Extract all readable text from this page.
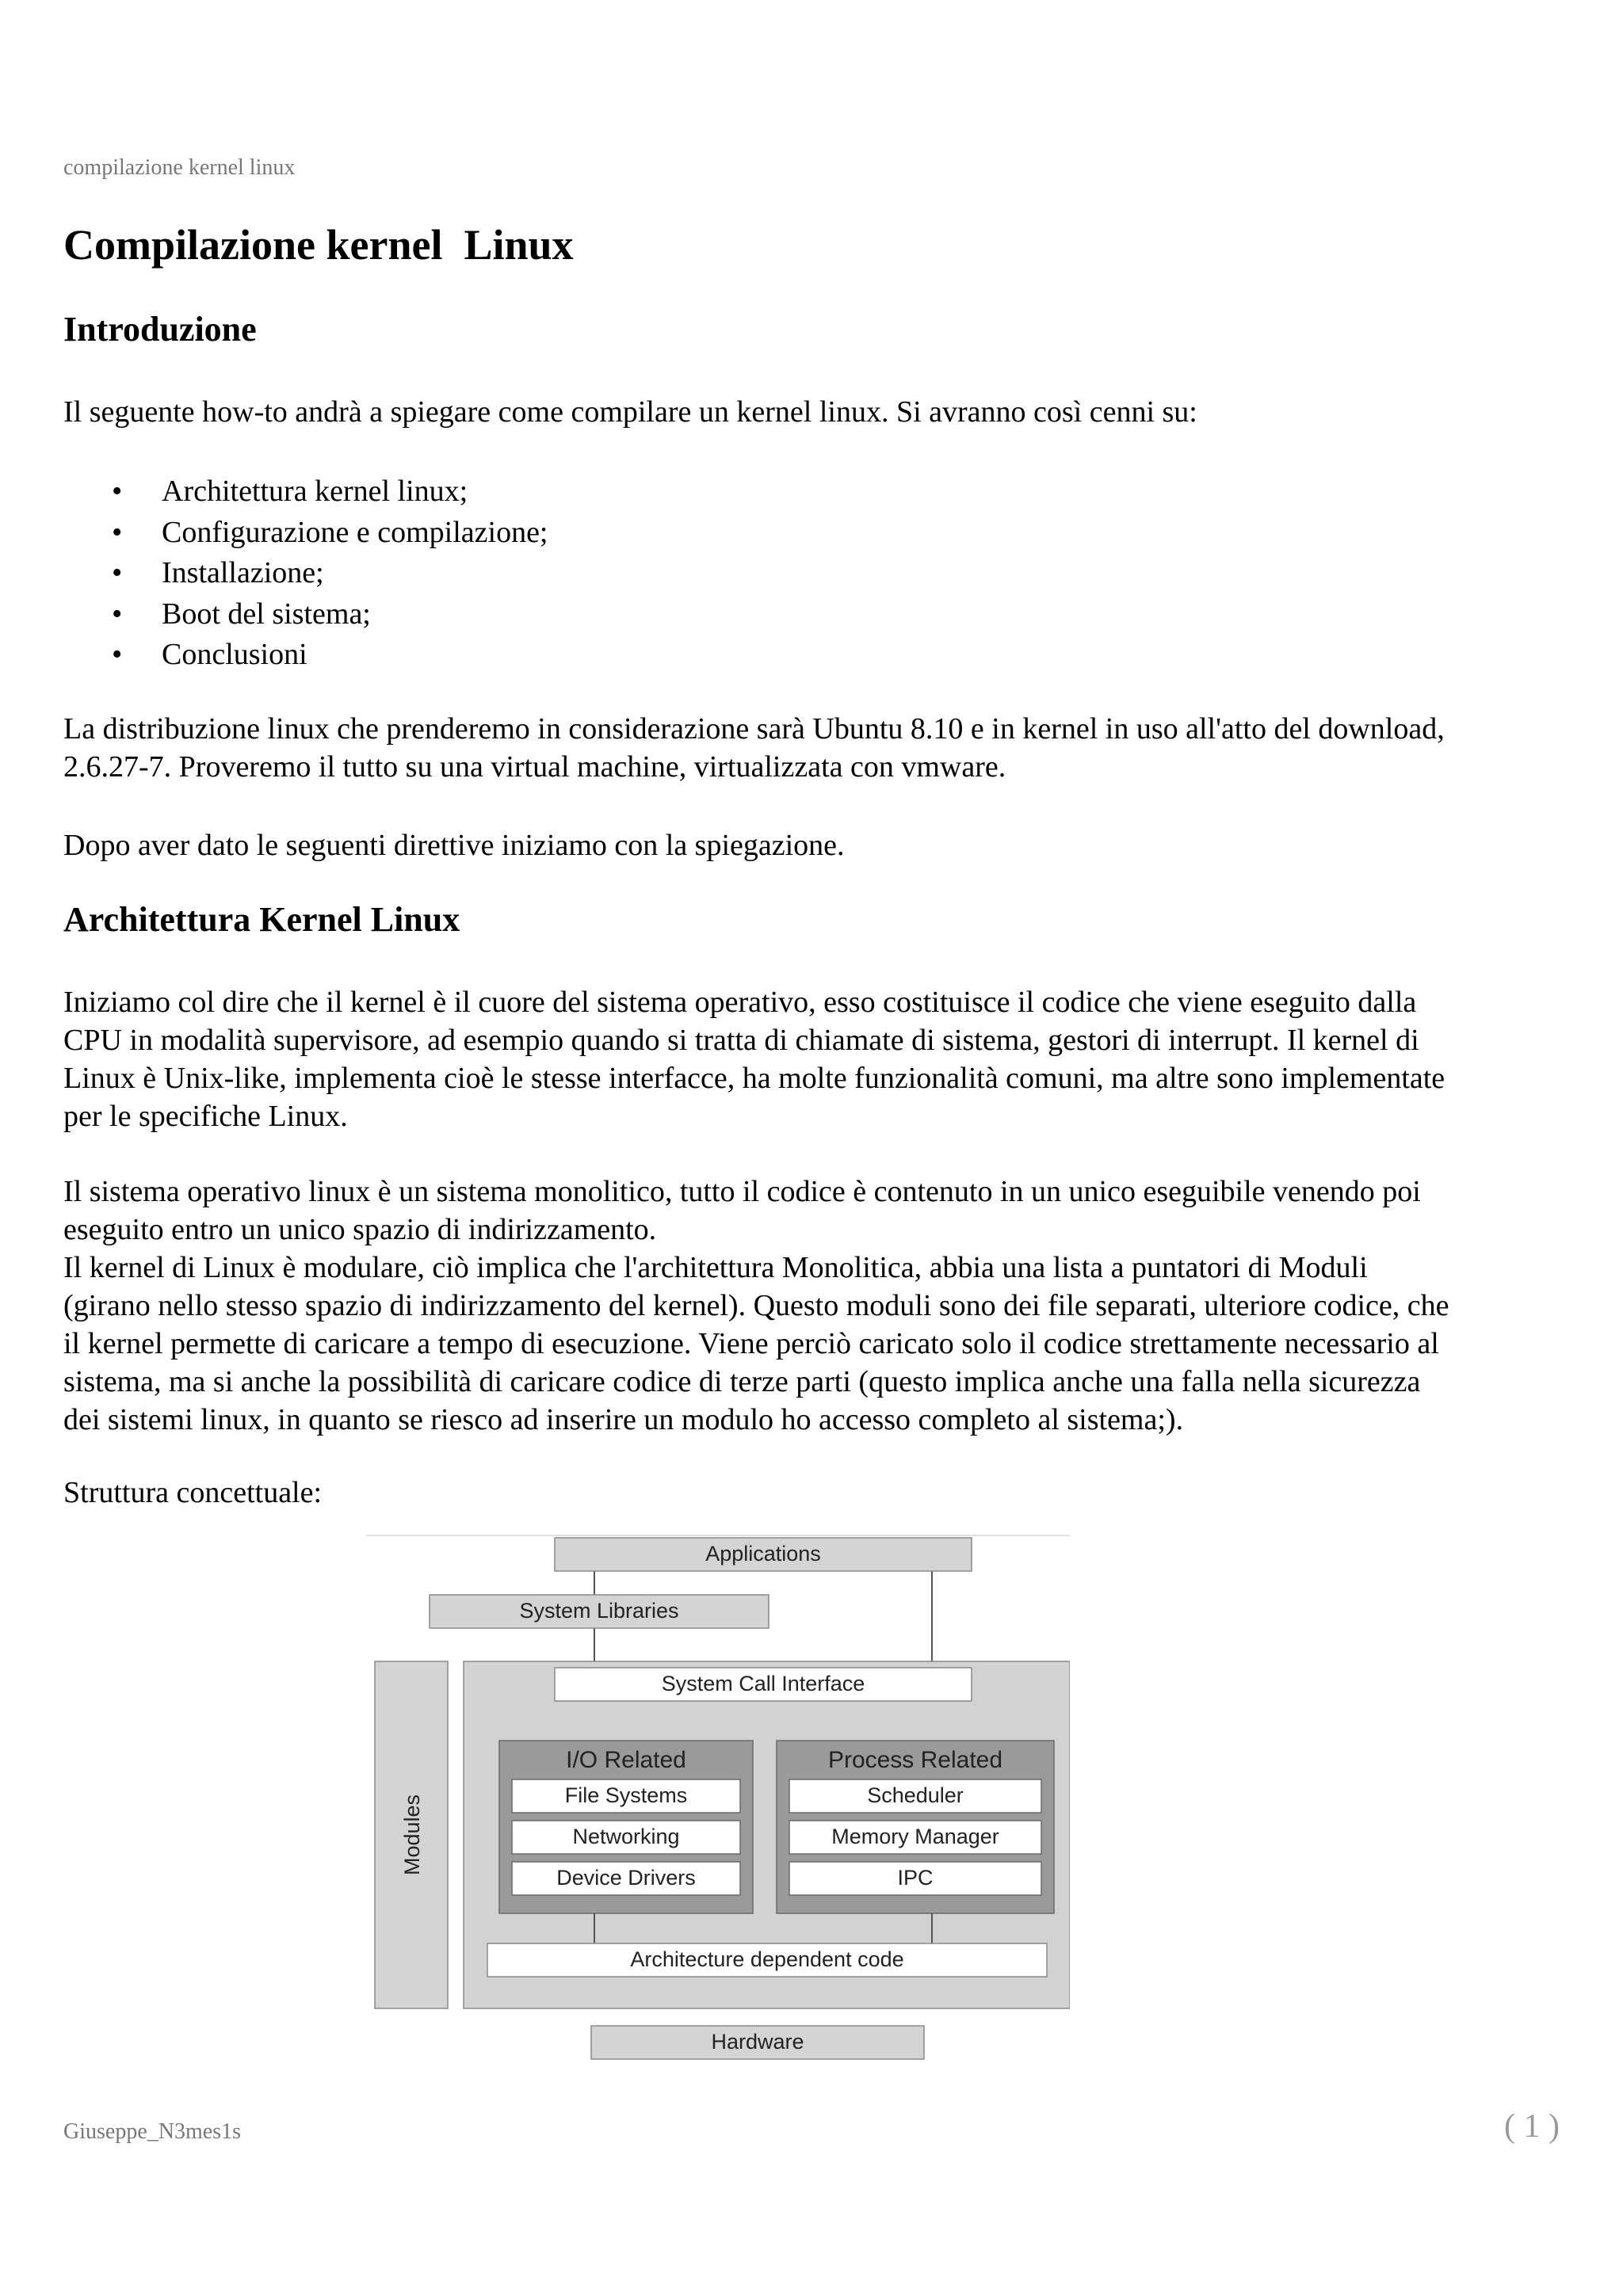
compilazione kernel linux
Compilazione kernel  Linux
Introduzione

Il seguente how-to andrà a spiegare come compilare un kernel linux. Si avranno così cenni su:

• Architettura kernel linux;
• Configurazione e compilazione;
• Installazione;
• Boot del sistema;
• Conclusioni

La distribuzione linux che prenderemo in considerazione sarà Ubuntu 8.10 e in kernel in uso all'atto del download,
2.6.27-7. Proveremo il tutto su una virtual machine, virtualizzata con vmware.

Dopo aver dato le seguenti direttive iniziamo con la spiegazione.

Architettura Kernel Linux

Iniziamo col dire che il kernel è il cuore del sistema operativo, esso costituisce il codice che viene eseguito dalla
CPU in modalità supervisore, ad esempio quando si tratta di chiamate di sistema, gestori di interrupt. Il kernel di
Linux è Unix-like, implementa cioè le stesse interfacce, ha molte funzionalità comuni, ma altre sono implementate
per le specifiche Linux.

Il sistema operativo linux è un sistema monolitico, tutto il codice è contenuto in un unico eseguibile venendo poi
eseguito entro un unico spazio di indirizzamento.

Il kernel di Linux è modulare, ciò implica che l'architettura Monolitica, abbia una lista a puntatori di Moduli
(girano nello stesso spazio di indirizzamento del kernel). Questo moduli sono dei file separati, ulteriore codice, che
il kernel permette di caricare a tempo di esecuzione. Viene perciò caricato solo il codice strettamente necessario al
sistema, ma si anche la possibilità di caricare codice di terze parti (questo implica anche una falla nella sicurezza
dei sistemi linux, in quanto se riesco ad inserire un modulo ho accesso completo al sistema;).

Struttura concettuale:

Applications
System Libraries
Modules
System Call Interface
I/O Related
File Systems
Networking
Device Drivers
Process Related
Scheduler
Memory Manager
IPC
Architecture dependent code
Hardware
Giuseppe_N3mes1s	( 1 )
